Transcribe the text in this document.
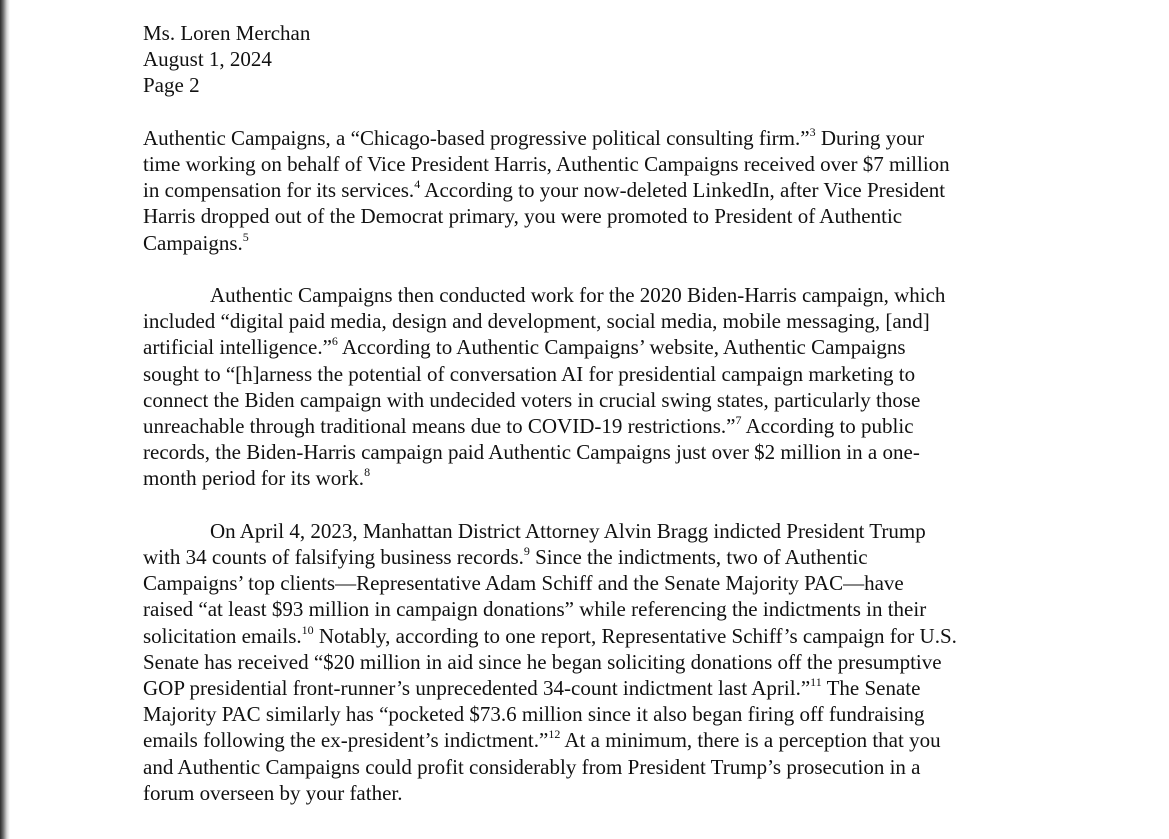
Ms. Loren Merchan
August 1, 2024
Page 2
Authentic Campaigns, a “Chicago-based progressive political consulting firm.”$^3$ During your
time working on behalf of Vice President Harris, Authentic Campaigns received over $7 million
in compensation for its services.$^4$ According to your now-deleted LinkedIn, after Vice President
Harris dropped out of the Democrat primary, you were promoted to President of Authentic
Campaigns.$^5$
Authentic Campaigns then conducted work for the 2020 Biden-Harris campaign, which
included “digital paid media, design and development, social media, mobile messaging, [and]
artificial intelligence.”$^6$ According to Authentic Campaigns’ website, Authentic Campaigns
sought to “[h]arness the potential of conversation AI for presidential campaign marketing to
connect the Biden campaign with undecided voters in crucial swing states, particularly those
unreachable through traditional means due to COVID-19 restrictions.”$^7$ According to public
records, the Biden-Harris campaign paid Authentic Campaigns just over $2 million in a one-
month period for its work.$^8$
On April 4, 2023, Manhattan District Attorney Alvin Bragg indicted President Trump
with 34 counts of falsifying business records.$^9$ Since the indictments, two of Authentic
Campaigns’ top clients—Representative Adam Schiff and the Senate Majority PAC—have
raised “at least $93 million in campaign donations” while referencing the indictments in their
solicitation emails.$^{10}$ Notably, according to one report, Representative Schiff’s campaign for U.S.
Senate has received “$20 million in aid since he began soliciting donations off the presumptive
GOP presidential front-runner’s unprecedented 34-count indictment last April.”$^{11}$ The Senate
Majority PAC similarly has “pocketed $73.6 million since it also began firing off fundraising
emails following the ex-president’s indictment.”$^{12}$ At a minimum, there is a perception that you
and Authentic Campaigns could profit considerably from President Trump’s prosecution in a
forum overseen by your father.
